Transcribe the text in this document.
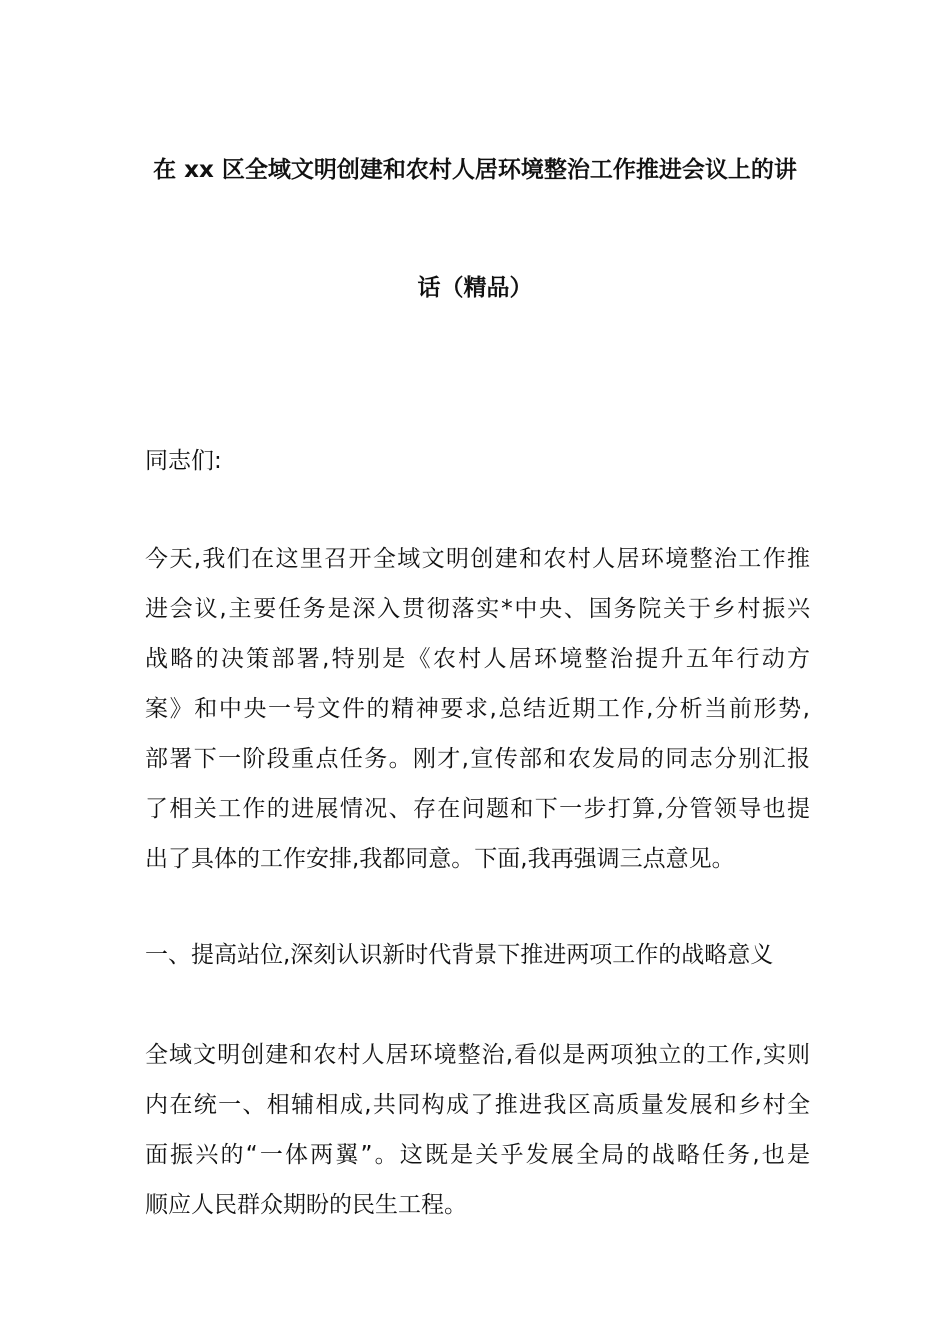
在 xx 区全域文明创建和农村人居环境整治工作推进会议上的讲
话（精品）
同志们:
今天,我们在这里召开全域文明创建和农村人居环境整治工作推
进会议,主要任务是深入贯彻落实*中央、国务院关于乡村振兴
战略的决策部署,特别是《农村人居环境整治提升五年行动方
案》和中央一号文件的精神要求,总结近期工作,分析当前形势,
部署下一阶段重点任务。刚才,宣传部和农发局的同志分别汇报
了相关工作的进展情况、存在问题和下一步打算,分管领导也提
出了具体的工作安排,我都同意。下面,我再强调三点意见。
一、提高站位,深刻认识新时代背景下推进两项工作的战略意义
全域文明创建和农村人居环境整治,看似是两项独立的工作,实则
内在统一、相辅相成,共同构成了推进我区高质量发展和乡村全
面振兴的“一体两翼”。这既是关乎发展全局的战略任务,也是
顺应人民群众期盼的民生工程。
